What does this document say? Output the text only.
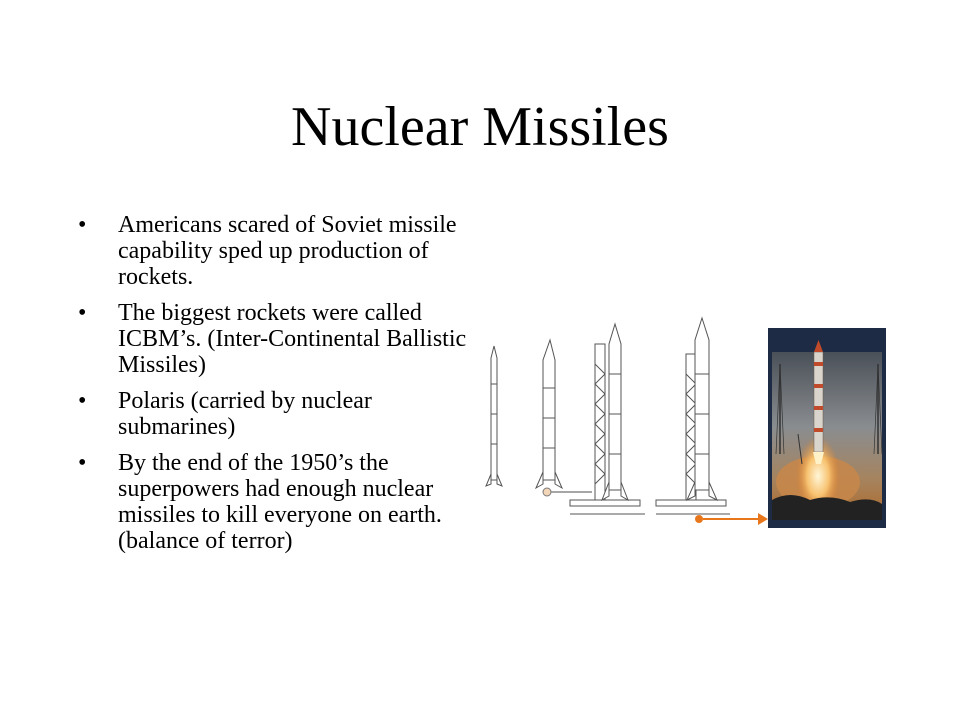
Nuclear Missiles
•	Americans scared of Soviet missile capability sped up production of rockets.
•	The biggest rockets were called ICBM’s. (Inter-Continental Ballistic Missiles)
•	Polaris (carried by nuclear submarines)
•	By the end of the 1950’s the superpowers had enough nuclear missiles to kill everyone on earth. (balance of terror)
